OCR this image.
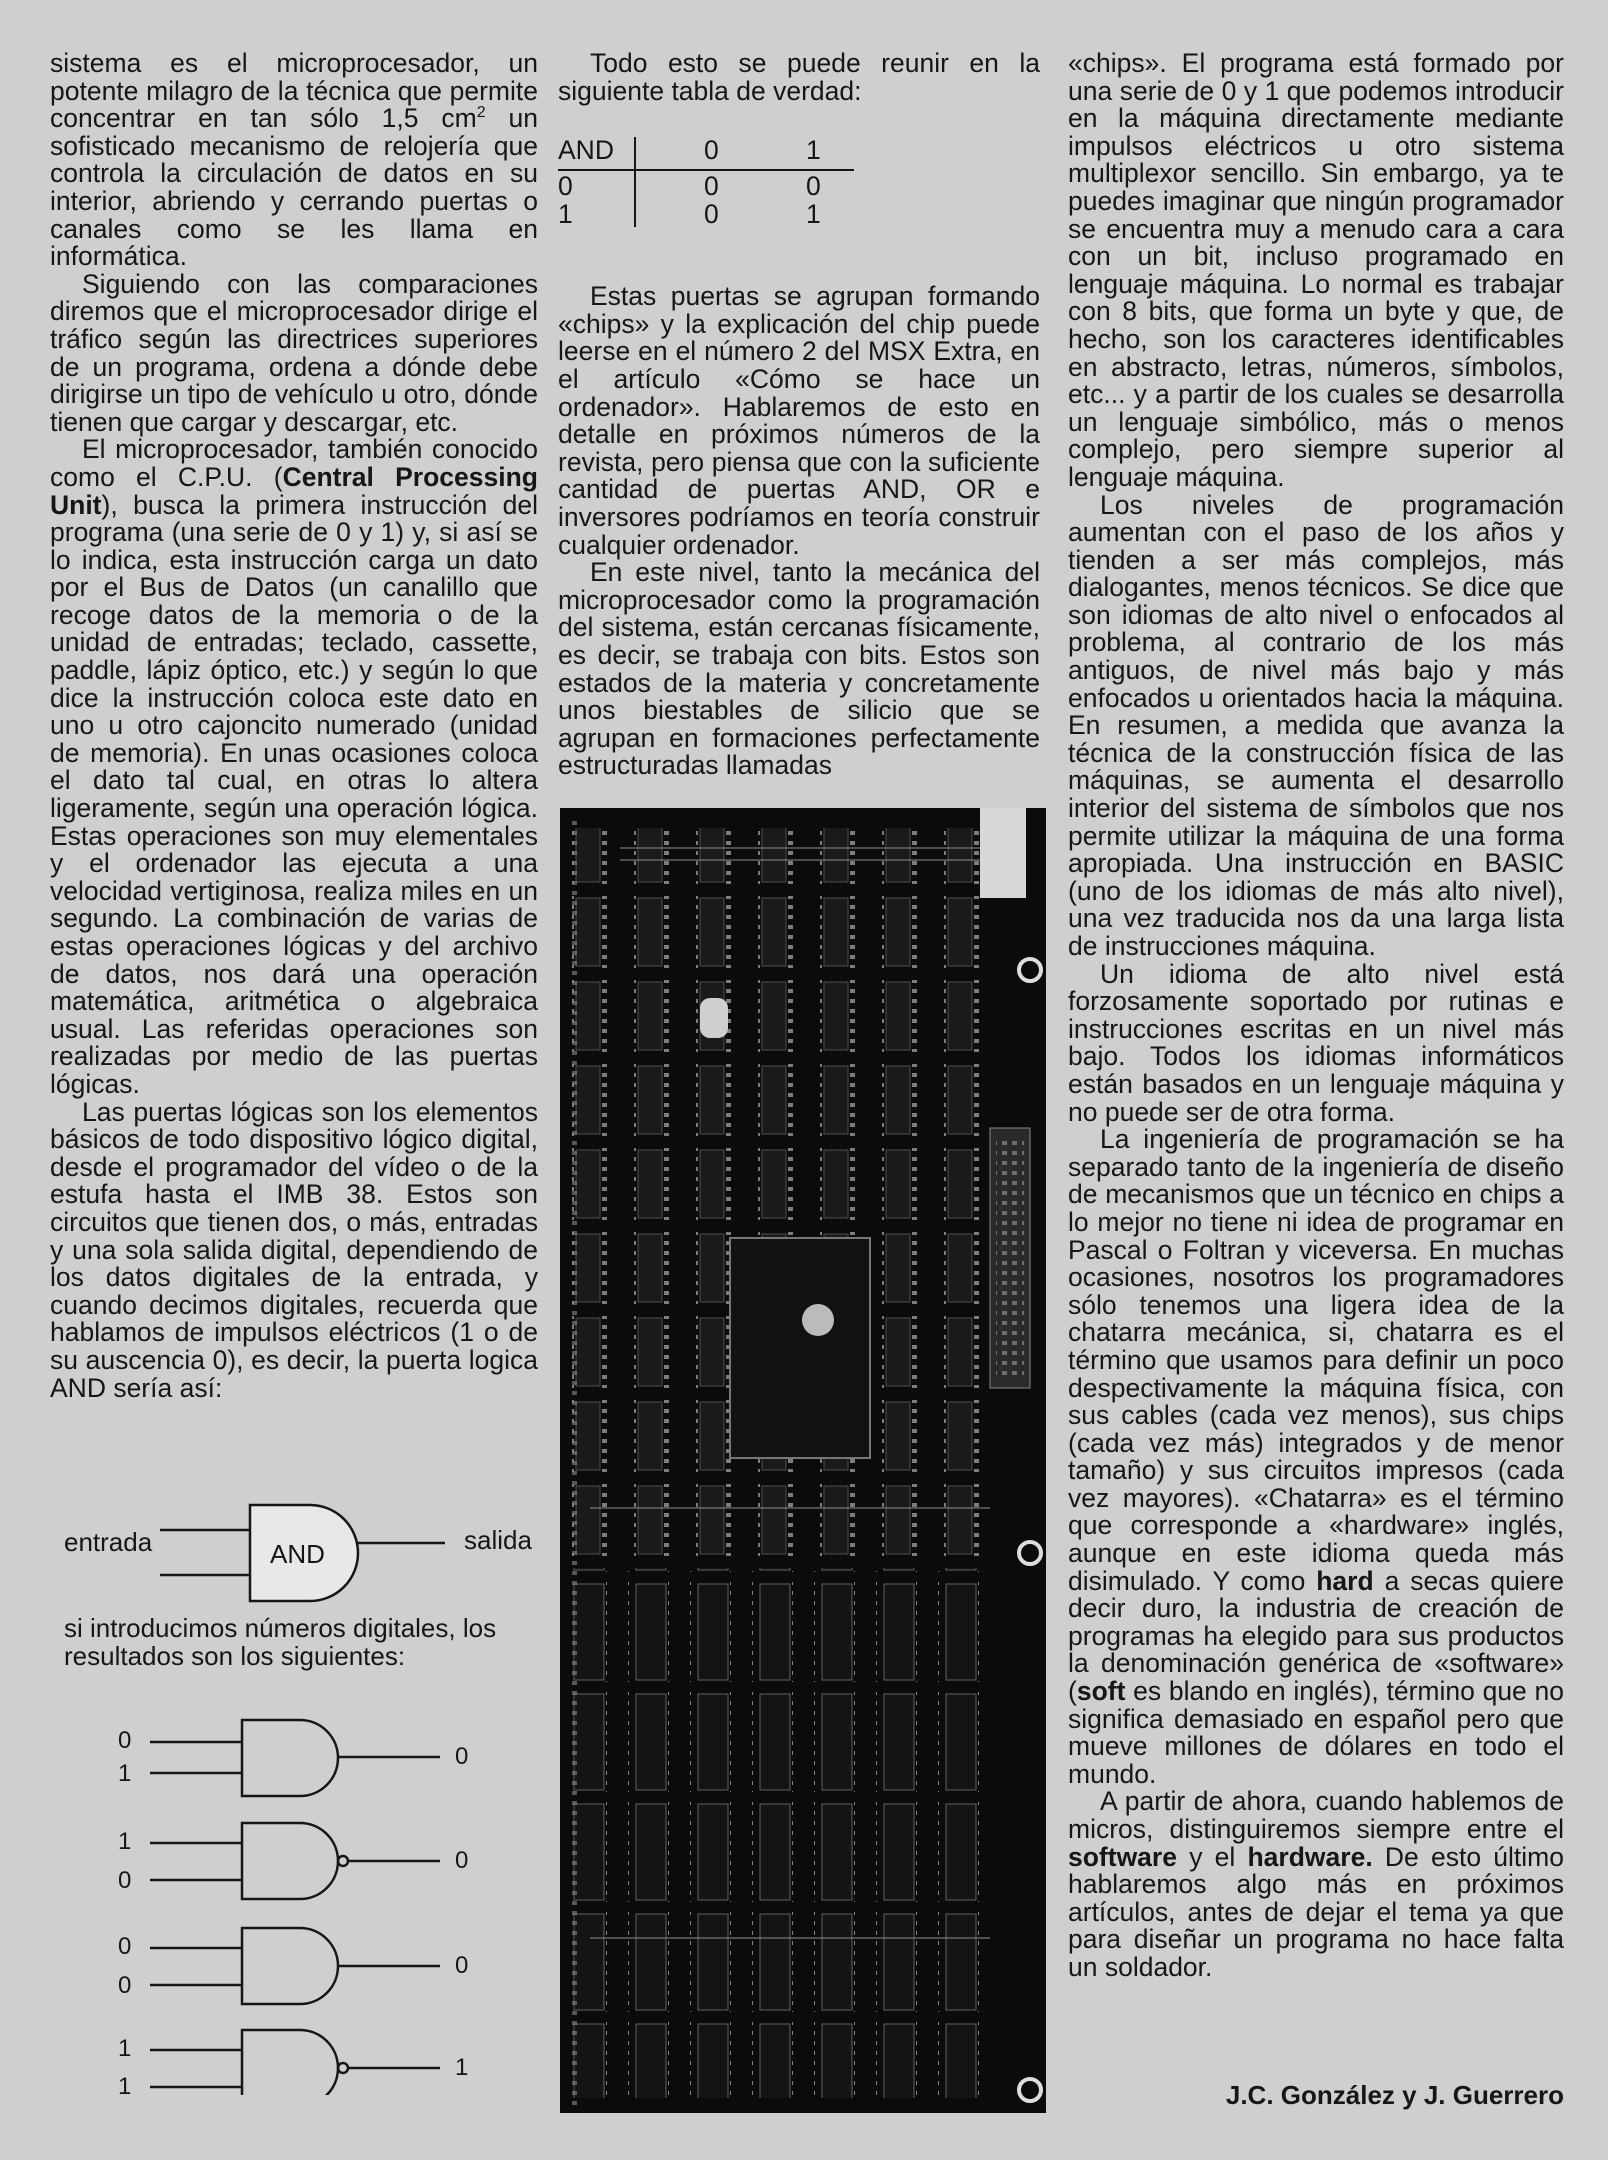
sistema es el microprocesador, un potente milagro de la técnica que permite concentrar en tan sólo 1,5 $cm^2$ un sofisticado mecanismo de relojería que controla la circulación de datos en su interior, abriendo y cerrando puertas o canales como se les llama en informática.

Siguiendo con las comparaciones diremos que el microprocesador dirige el tráfico según las directrices superiores de un programa, ordena a dónde debe dirigirse un tipo de vehículo u otro, dónde tienen que cargar y descargar, etc.

El microprocesador, también conocido como el C.P.U. (Central Processing Unit), busca la primera instrucción del programa (una serie de 0 y 1) y, si así se lo indica, esta instrucción carga un dato por el Bus de Datos (un canalillo que recoge datos de la memoria o de la unidad de entradas; teclado, cassette, paddle, lápiz óptico, etc.) y según lo que dice la instrucción coloca este dato en uno u otro cajoncito numerado (unidad de memoria). En unas ocasiones coloca el dato tal cual, en otras lo altera ligeramente, según una operación lógica. Estas operaciones son muy elementales y el ordenador las ejecuta a una velocidad vertiginosa, realiza miles en un segundo. La combinación de varias de estas operaciones lógicas y del archivo de datos, nos dará una operación matemática, aritmética o algebraica usual. Las referidas operaciones son realizadas por medio de las puertas lógicas.

Las puertas lógicas son los elementos básicos de todo dispositivo lógico digital, desde el programador del vídeo o de la estufa hasta el IMB 38. Estos son circuitos que tienen dos, o más, entradas y una sola salida digital, dependiendo de los datos digitales de la entrada, y cuando decimos digitales, recuerda que hablamos de impulsos eléctricos (1 o de su auscencia 0), es decir, la puerta logica AND sería así:

entrada	AND	salida
si introducimos números digitales, los resultados son los siguientes:
0
1
0
1
0
0
0
0
0
1
1
1

Todo esto se puede reunir en la siguiente tabla de verdad:

AND	0	1
0	0	0
1	0	1

Estas puertas se agrupan formando «chips» y la explicación del chip puede leerse en el número 2 del MSX Extra, en el artículo «Cómo se hace un ordenador». Hablaremos de esto en detalle en próximos números de la revista, pero piensa que con la suficiente cantidad de puertas AND, OR e inversores podríamos en teoría construir cualquier ordenador.

En este nivel, tanto la mecánica del microprocesador como la programación del sistema, están cercanas físicamente, es decir, se trabaja con bits. Estos son estados de la materia y concretamente unos biestables de silicio que se agrupan en formaciones perfectamente estructuradas llamadas

«chips». El programa está formado por una serie de 0 y 1 que podemos introducir en la máquina directamente mediante impulsos eléctricos u otro sistema multiplexor sencillo. Sin embargo, ya te puedes imaginar que ningún programador se encuentra muy a menudo cara a cara con un bit, incluso programado en lenguaje máquina. Lo normal es trabajar con 8 bits, que forma un byte y que, de hecho, son los caracteres identificables en abstracto, letras, números, símbolos, etc... y a partir de los cuales se desarrolla un lenguaje simbólico, más o menos complejo, pero siempre superior al lenguaje máquina.

Los niveles de programación aumentan con el paso de los años y tienden a ser más complejos, más dialogantes, menos técnicos. Se dice que son idiomas de alto nivel o enfocados al problema, al contrario de los más antiguos, de nivel más bajo y más enfocados u orientados hacia la máquina. En resumen, a medida que avanza la técnica de la construcción física de las máquinas, se aumenta el desarrollo interior del sistema de símbolos que nos permite utilizar la máquina de una forma apropiada. Una instrucción en BASIC (uno de los idiomas de más alto nivel), una vez traducida nos da una larga lista de instrucciones máquina.

Un idioma de alto nivel está forzosamente soportado por rutinas e instrucciones escritas en un nivel más bajo. Todos los idiomas informáticos están basados en un lenguaje máquina y no puede ser de otra forma.

La ingeniería de programación se ha separado tanto de la ingeniería de diseño de mecanismos que un técnico en chips a lo mejor no tiene ni idea de programar en Pascal o Foltran y viceversa. En muchas ocasiones, nosotros los programadores sólo tenemos una ligera idea de la chatarra mecánica, si, chatarra es el término que usamos para definir un poco despectivamente la máquina física, con sus cables (cada vez menos), sus chips (cada vez más) integrados y de menor tamaño) y sus circuitos impresos (cada vez mayores). «Chatarra» es el término que corresponde a «hardware» inglés, aunque en este idioma queda más disimulado. Y como hard a secas quiere decir duro, la industria de creación de programas ha elegido para sus productos la denominación genérica de «software» (soft es blando en inglés), término que no significa demasiado en español pero que mueve millones de dólares en todo el mundo.

A partir de ahora, cuando hablemos de micros, distinguiremos siempre entre el software y el hardware. De esto último hablaremos algo más en próximos artículos, antes de dejar el tema ya que para diseñar un programa no hace falta un soldador.

J.C. González y J. Guerrero
